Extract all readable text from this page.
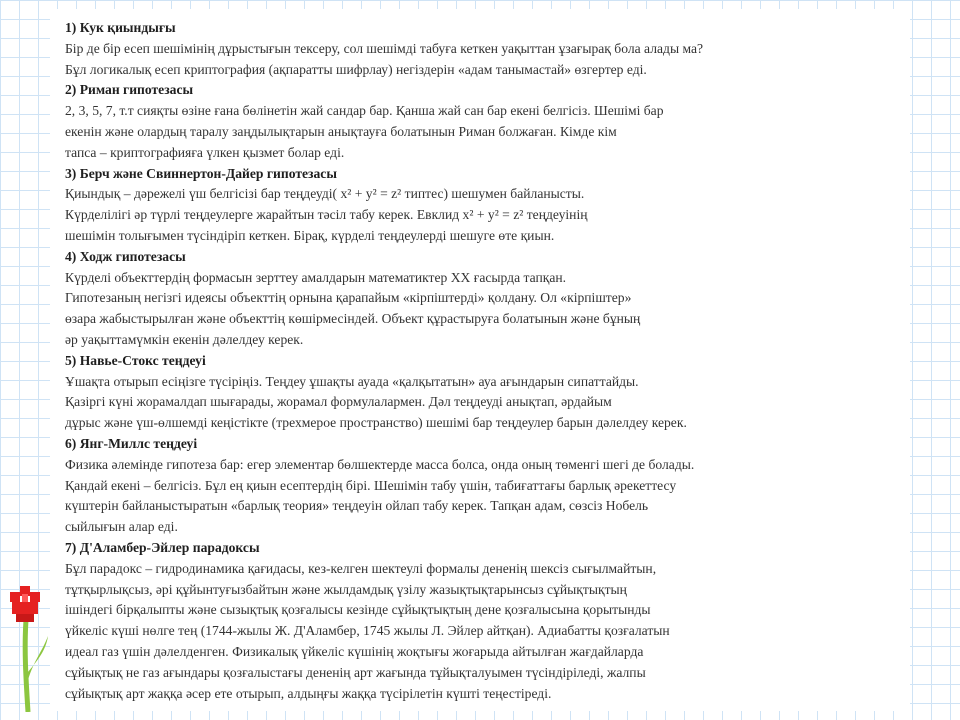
1) Кук қиындығы
Бір де бір есеп шешімінің дұрыстығын тексеру, сол шешімді табуға кеткен уақыттан ұзағырақ бола алады ма?
Бұл логикалық есеп криптография (ақпаратты шифрлау) негіздерін «адам танымастай» өзгертер еді.
2) Риман гипотезасы
2, 3, 5, 7, т.т сияқты өзіне ғана бөлінетін жай сандар бар. Қанша жай сан бар екені белгісіз. Шешімі бар
екенін және олардың таралу заңдылықтарын анықтауға болатынын Риман болжаған. Кімде кім
тапса – криптографияға үлкен қызмет болар еді.
3) Берч және Свиннертон-Дайер гипотезасы
Қиындық – дәрежелі үш белгісізі бар теңдеуді( x² + y² = z² типтес) шешумен байланысты.
Күрделілігі әр түрлі теңдеулерге жарайтын тәсіл табу керек. Евклид x² + y² = z² теңдеуінің
шешімін толығымен түсіндіріп кеткен. Бірақ, күрделі теңдеулерді шешуге өте қиын.
4) Ходж гипотезасы
Күрделі объекттердің формасын зерттеу амалдарын математиктер XX ғасырда тапқан.
Гипотезаның негізгі идеясы объекттің орнына қарапайым «кірпіштерді» қолдану. Ол «кірпіштер»
өзара жабыстырылған және объекттің көшірмесіндей. Объект құрастыруға болатынын және бұның
әр уақыттамүмкін екенін дәлелдеу керек.
5) Навье-Стокс теңдеуі
Ұшақта отырып есіңізге түсіріңіз. Теңдеу ұшақты ауада «қалқытатын» ауа ағындарын сипаттайды.
Қазіргі күні жорамалдап шығарады, жорамал формулалармен. Дәл теңдеуді анықтап, әрдайым
дұрыс және үш-өлшемді кеңістікте (трехмерое пространство) шешімі бар теңдеулер барын дәлелдеу керек.
6) Янг-Миллс теңдеуі
Физика әлемінде гипотеза бар: егер элементар бөлшектерде масса болса, онда оның төменгі шегі де болады.
Қандай екені – белгісіз. Бұл ең қиын есептердің бірі. Шешімін табу үшін, табиғаттағы барлық әрекеттесу
күштерін байланыстыратын «барлық теория» теңдеуін ойлап табу керек. Тапқан адам, сөзсіз Нобель
сыйлығын алар еді.
7) Д'Аламбер-Эйлер парадоксы
Бұл парадокс – гидродинамика қағидасы, кез-келген шектеулі формалы дененің шексіз сығылмайтын,
тұтқырлықсыз, әрі құйынтуғызбайтын және жылдамдық үзілу жазықтықтарынсыз сұйықтықтың
ішіндегі бірқалыпты және сызықтық қозғалысы кезінде сұйықтықтың дене қозғалысына қорытынды
үйкеліс күші нөлге тең (1744-жылы Ж. Д'Аламбер, 1745 жылы Л. Эйлер айтқан). Адиабатты қозғалатын
идеал газ үшін дәлелденген. Физикалық үйкеліс күшінің жоқтығы жоғарыда айтылған жағдайларда
сұйықтық не газ ағындары қозғалыстағы дененің арт жағында тұйықталуымен түсіндіріледі, жалпы
сұйықтық арт жаққа әсер ете отырып, алдыңғы жаққа түсірілетін күшті теңестіреді.
